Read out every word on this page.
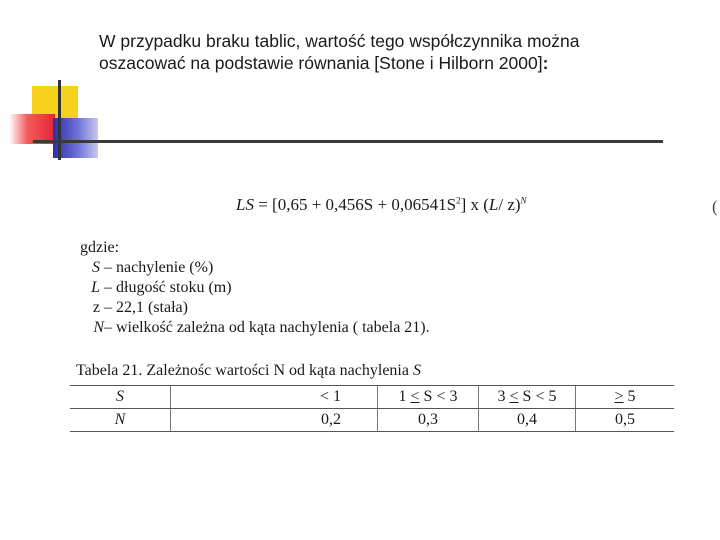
W przypadku braku tablic, wartość tego współczynnika można
oszacować na podstawie równania [Stone i Hilborn 2000]:
LS = $[0,65 + 0,456S + 0,06541S^2]$ x (L/ z)$^N$	(
gdzie:
S – nachylenie (%)
L – długość stoku (m)
z – 22,1 (stała)
N– wielkość zależna od kąta nachylenia ( tabela 21).
Tabela 21. Zależnośc wartości N od kąta nachylenia S
S	< 1	1 < S < 3	3 < S < 5	> 5
N	0,2	0,3	0,4	0,5
